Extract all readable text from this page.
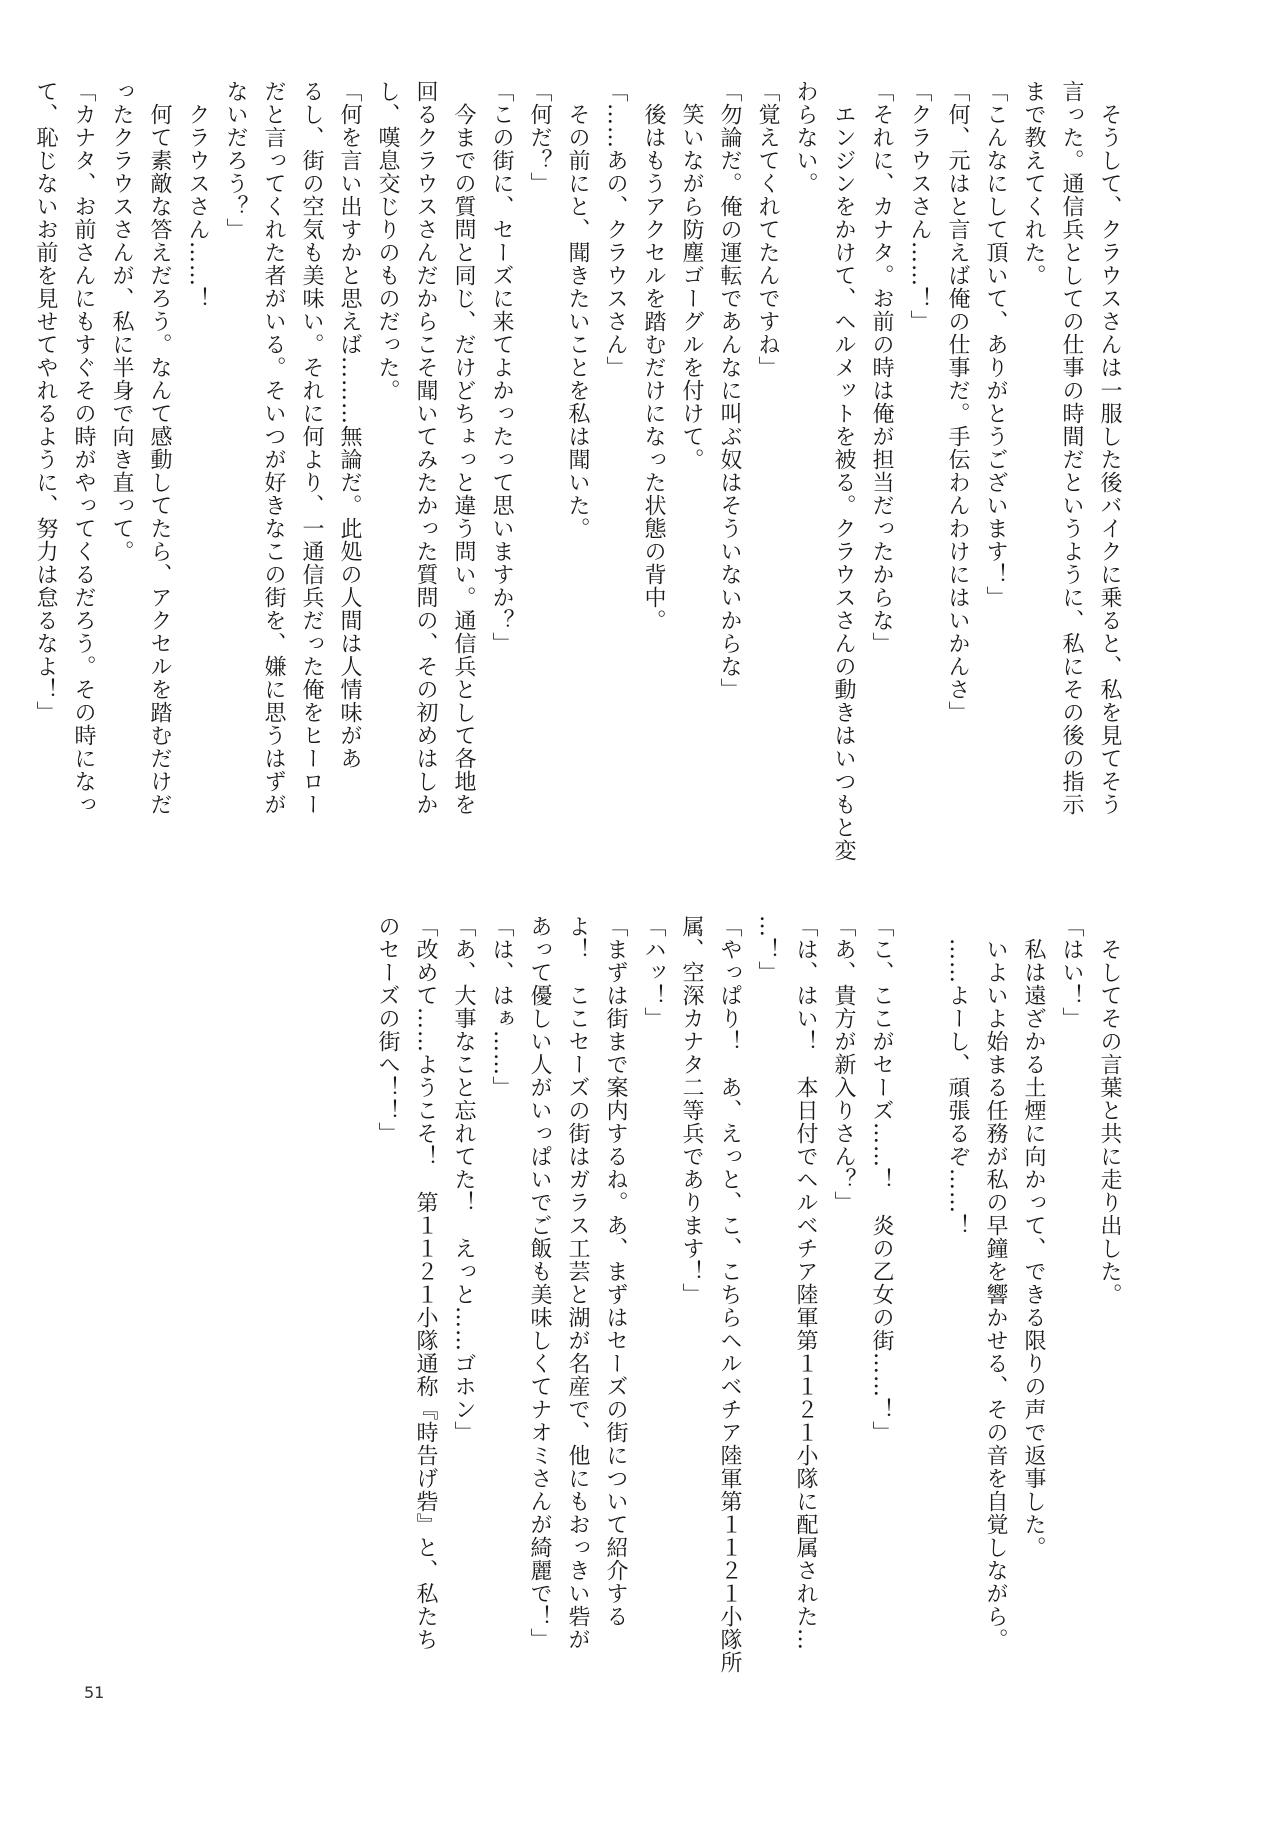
　そうして、クラウスさんは一服した後バイクに乗ると、私を見てそう
言った。通信兵としての仕事の時間だというように、私にその後の指示
まで教えてくれた。
「こんなにして頂いて、ありがとうございます！」
「何、元はと言えば俺の仕事だ。手伝わんわけにはいかんさ」
「クラウスさん……！」
「それに、カナタ。お前の時は俺が担当だったからな」
　エンジンをかけて、ヘルメットを被る。クラウスさんの動きはいつもと変
わらない。
「覚えてくれてたんですね」
「勿論だ。俺の運転であんなに叫ぶ奴はそういないからな」
　笑いながら防塵ゴーグルを付けて。
　後はもうアクセルを踏むだけになった状態の背中。
「……あの、クラウスさん」
　その前にと、聞きたいことを私は聞いた。
「何だ？」
「この街に、セーズに来てよかったって思いますか？」
　今までの質問と同じ、だけどちょっと違う問い。通信兵として各地を
回るクラウスさんだからこそ聞いてみたかった質問の、その初めはしか
し、嘆息交じりのものだった。
「何を言い出すかと思えば………無論だ。此処の人間は人情味があ
るし、街の空気も美味い。それに何より、一通信兵だった俺をヒーロー
だと言ってくれた者がいる。そいつが好きなこの街を、嫌に思うはずが
ないだろう？」
　クラウスさん……！
　何て素敵な答えだろう。なんて感動してたら、アクセルを踏むだけだ
ったクラウスさんが、私に半身で向き直って。
「カナタ、お前さんにもすぐその時がやってくるだろう。その時になっ
て、恥じないお前を見せてやれるように、努力は怠るなよ！」
　そしてその言葉と共に走り出した。
「はい！」
　私は遠ざかる土煙に向かって、できる限りの声で返事した。
　いよいよ始まる任務が私の早鐘を響かせる、その音を自覚しながら。
　……よーし、頑張るぞ……！

「こ、ここがセーズ……！　炎の乙女の街……！」
「あ、貴方が新入りさん？」
「は、はい！　本日付でヘルベチア陸軍第１１２１小隊に配属された…
…！」
「やっぱり！　あ、えっと、こ、こちらヘルベチア陸軍第１１２１小隊所
属、空深カナタ二等兵であります！」
「ハッ！」
「まずは街まで案内するね。あ、まずはセーズの街について紹介する
よ！　ここセーズの街はガラス工芸と湖が名産で、他にもおっきい砦が
あって優しい人がいっぱいでご飯も美味しくてナオミさんが綺麗で！」
「は、はぁ……」
「あ、大事なこと忘れてた！　えっと……ゴホン」
「改めて……ようこそ！　第１１２１小隊通称『時告げ砦』と、私たち
のセーズの街へ！！」
51
